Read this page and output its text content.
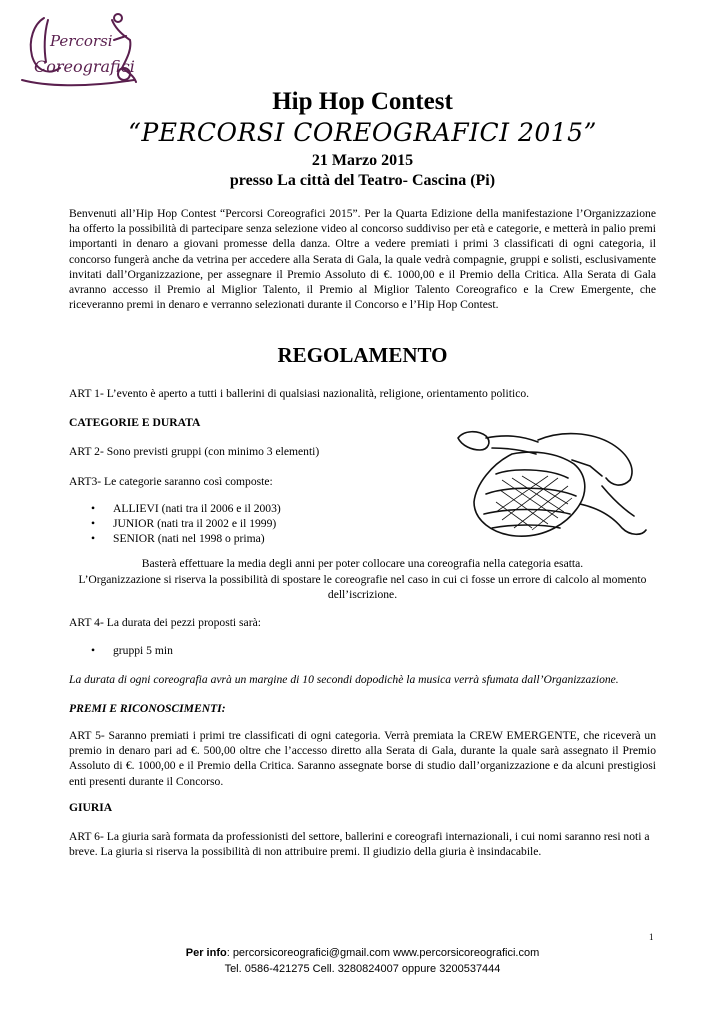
Percorsi
Coreografici
Hip Hop Contest
“PERCORSI COREOGRAFICI 2015”
21 Marzo 2015
presso La città del Teatro- Cascina (Pi)
Benvenuti all’Hip Hop Contest “Percorsi Coreografici 2015”. Per la Quarta Edizione della manifestazione l’Organizzazione ha offerto la possibilità di partecipare senza selezione video al concorso suddiviso per età e categorie, e metterà in palio premi importanti in denaro a giovani promesse della danza. Oltre a vedere premiati i primi 3 classificati di ogni categoria, il concorso fungerà anche da vetrina per accedere alla Serata di Gala, la quale vedrà compagnie, gruppi e solisti, esclusivamente invitati dall’Organizzazione, per assegnare il Premio Assoluto di €. 1000,00 e il Premio della Critica. Alla Serata di Gala avranno accesso il Premio al Miglior Talento, il Premio al Miglior Talento Coreografico e la Crew Emergente, che riceveranno premi in denaro e verranno selezionati durante il Concorso e l’Hip Hop Contest.
REGOLAMENTO
ART 1- L’evento è aperto a tutti i ballerini di qualsiasi nazionalità, religione, orientamento politico.
CATEGORIE E DURATA
ART 2- Sono previsti gruppi (con minimo 3 elementi)
ART3- Le categorie saranno così composte:
• ALLIEVI (nati tra il 2006 e il 2003)
• JUNIOR (nati tra il 2002 e il 1999)
• SENIOR (nati nel 1998 o prima)
Basterà effettuare la media degli anni per poter collocare una coreografia nella categoria esatta.
L’Organizzazione si riserva la possibilità di spostare le coreografie nel caso in cui ci fosse un errore di calcolo al momento dell’iscrizione.
ART 4- La durata dei pezzi proposti sarà:
• gruppi 5 min
La durata di ogni coreografia avrà un margine di 10 secondi dopodichè la musica verrà sfumata dall’Organizzazione.
PREMI E RICONOSCIMENTI:
ART 5- Saranno premiati i primi tre classificati di ogni categoria. Verrà premiata la CREW EMERGENTE, che riceverà un premio in denaro pari ad €. 500,00 oltre che l’accesso diretto alla Serata di Gala, durante la quale sarà assegnato il Premio Assoluto di €. 1000,00 e il Premio della Critica. Saranno assegnate borse di studio dall’organizzazione e da alcuni prestigiosi enti presenti durante il Concorso.
GIURIA
ART 6- La giuria sarà formata da professionisti del settore, ballerini e coreografi internazionali, i cui nomi saranno resi noti a breve. La giuria si riserva la possibilità di non attribuire premi. Il giudizio della giuria è insindacabile.
1
Per info: percorsicoreografici@gmail.com www.percorsicoreografici.com
Tel. 0586-421275 Cell. 3280824007 oppure 3200537444
